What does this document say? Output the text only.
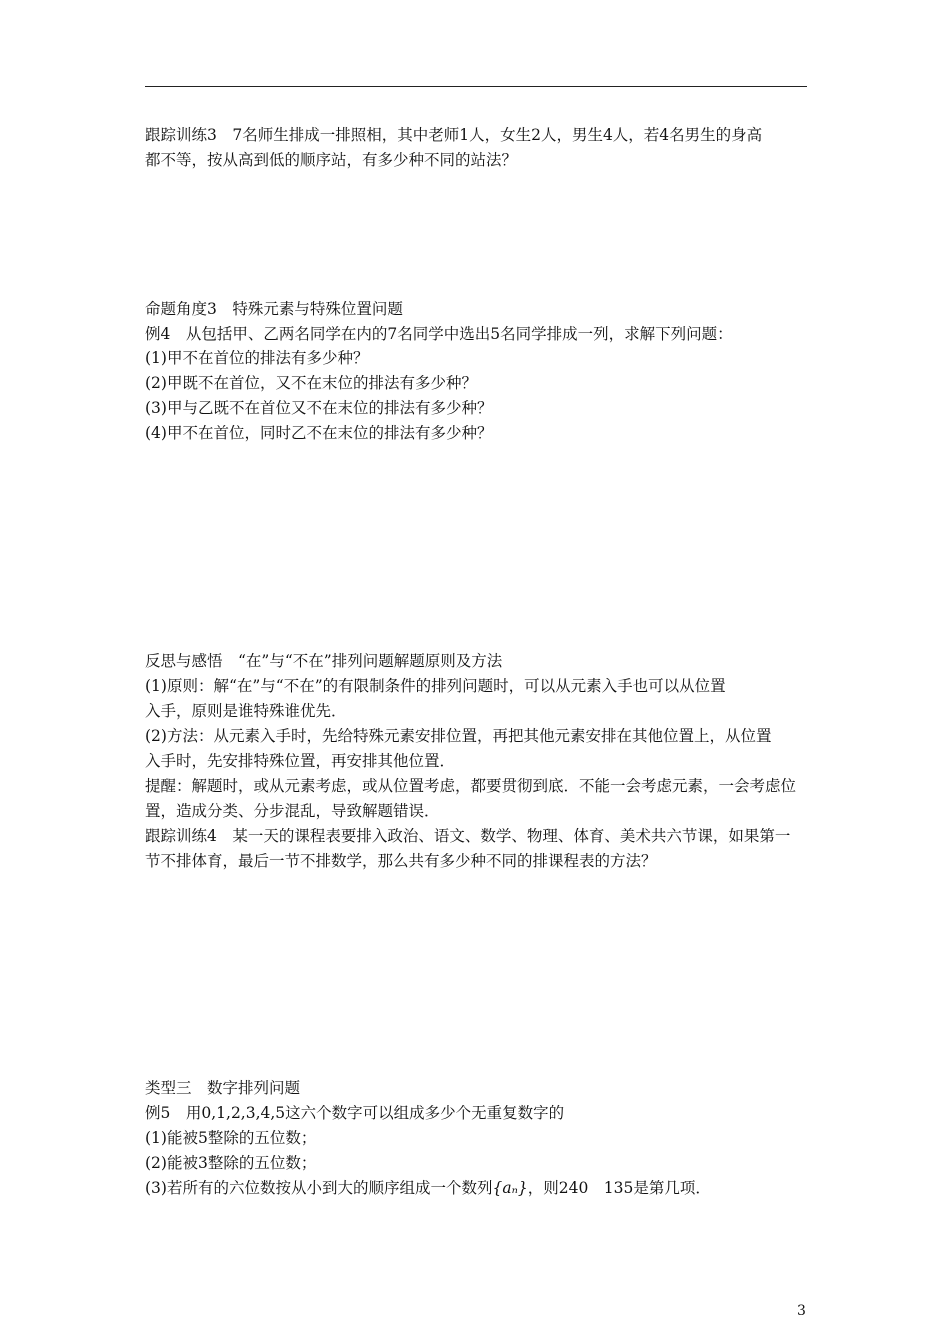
跟踪训练3　7名师生排成一排照相，其中老师1人，女生2人，男生4人，若4名男生的身高
都不等，按从高到低的顺序站，有多少种不同的站法？
命题角度3　特殊元素与特殊位置问题
例4　从包括甲、乙两名同学在内的7名同学中选出5名同学排成一列，求解下列问题：
(1)甲不在首位的排法有多少种？
(2)甲既不在首位，又不在末位的排法有多少种？
(3)甲与乙既不在首位又不在末位的排法有多少种？
(4)甲不在首位，同时乙不在末位的排法有多少种？
反思与感悟　“在”与“不在”排列问题解题原则及方法
(1)原则：解“在”与“不在”的有限制条件的排列问题时，可以从元素入手也可以从位置
入手，原则是谁特殊谁优先．
(2)方法：从元素入手时，先给特殊元素安排位置，再把其他元素安排在其他位置上，从位置
入手时，先安排特殊位置，再安排其他位置．
提醒：解题时，或从元素考虑，或从位置考虑，都要贯彻到底．不能一会考虑元素，一会考虑位
置，造成分类、分步混乱，导致解题错误．
跟踪训练4　某一天的课程表要排入政治、语文、数学、物理、体育、美术共六节课，如果第一
节不排体育，最后一节不排数学，那么共有多少种不同的排课程表的方法？
类型三　数字排列问题
例5　用0,1,2,3,4,5这六个数字可以组成多少个无重复数字的
(1)能被5整除的五位数；
(2)能被3整除的五位数；
(3)若所有的六位数按从小到大的顺序组成一个数列{aₙ}，则240　135是第几项．
3
